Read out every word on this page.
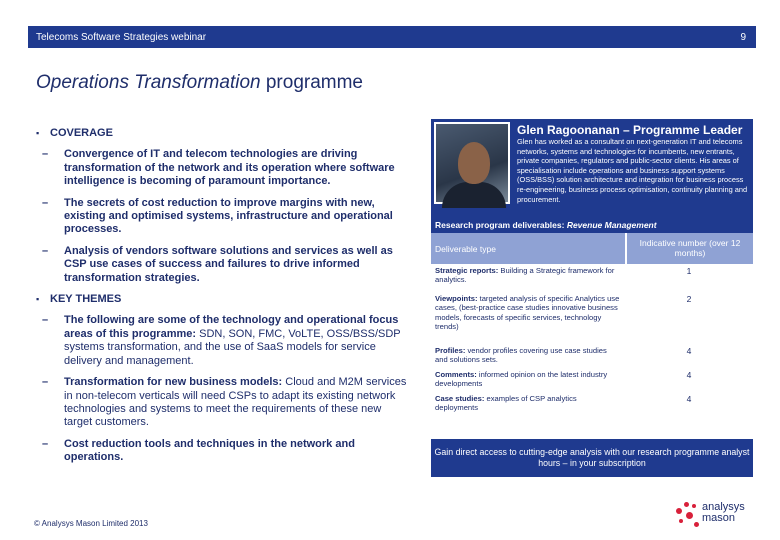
Telecoms Software Strategies webinar	9
Operations Transformation programme
▪ COVERAGE
–	Convergence of IT and telecom technologies are driving transformation of the network and its operation where software intelligence is becoming of paramount importance.
–	The secrets of cost reduction to improve margins with new, existing and optimised systems, infrastructure and operational processes.
–	Analysis of vendors software solutions and services as well as CSP use cases of success and failures to drive informed transformation strategies.
▪ KEY THEMES
–	The following are some of the technology and operational focus areas of this programme: SDN, SON, FMC, VoLTE, OSS/BSS/SDP systems transformation, and the use of SaaS models for service delivery and management.
–	Transformation for new business models: Cloud and M2M services in non-telecom verticals will need CSPs to adapt its existing network technologies and systems to meet the requirements of these new target customers.
–	Cost reduction tools and techniques in the network and operations.
Glen Ragoonanan – Programme Leader
Glen has worked as a consultant on next-generation IT and telecoms networks, systems and technologies for incumbents, new entrants, private companies, regulators and public-sector clients. His areas of specialisation include operations and business support systems (OSS/BSS) solution architecture and integration for business process re-engineering, business process optimisation, continuity planning and procurement.
Research program deliverables: Revenue Management
Deliverable type
Indicative number (over 12 months)
Strategic reports: Building a Strategic framework for analytics.
1
Viewpoints: targeted analysis of specific Analytics use cases, (best-practice case studies innovative business models, forecasts of specific services, technology trends)
2
Profiles: vendor profiles covering use case studies and solutions sets.
4
Comments: informed opinion on the latest industry developments
4
Case studies: examples of CSP analytics deployments
4
Gain direct access to cutting-edge analysis with our research programme analyst hours – in your subscription
© Analysys Mason Limited 2013
analysys
mason
